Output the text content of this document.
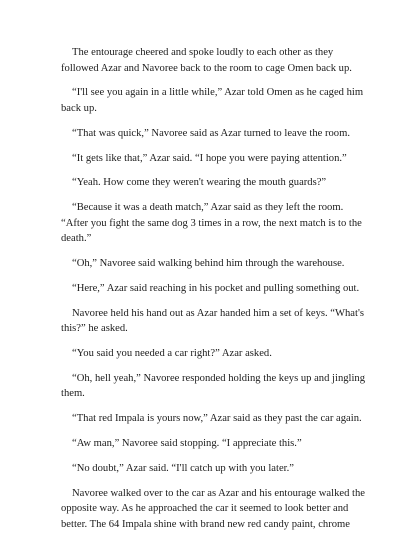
The entourage cheered and spoke loudly to each other as they followed Azar and Navoree back to the room to cage Omen back up.

“I'll see you again in a little while,” Azar told Omen as he caged him back up.

“That was quick,” Navoree said as Azar turned to leave the room.

“It gets like that,” Azar said. “I hope you were paying attention.”

“Yeah. How come they weren't wearing the mouth guards?”

“Because it was a death match,” Azar said as they left the room. “After you fight the same dog 3 times in a row, the next match is to the death.”

“Oh,” Navoree said walking behind him through the warehouse.

“Here,” Azar said reaching in his pocket and pulling something out.

Navoree held his hand out as Azar handed him a set of keys. “What's this?” he asked.

“You said you needed a car right?” Azar asked.

“Oh, hell yeah,” Navoree responded holding the keys up and jingling them.

“That red Impala is yours now,” Azar said as they past the car again.

“Aw man,” Navoree said stopping. “I appreciate this.”

“No doubt,” Azar said. “I'll catch up with you later.”

Navoree walked over to the car as Azar and his entourage walked the opposite way. As he approached the car it seemed to look better and better. The 64 Impala shine with brand new red candy paint, chrome
